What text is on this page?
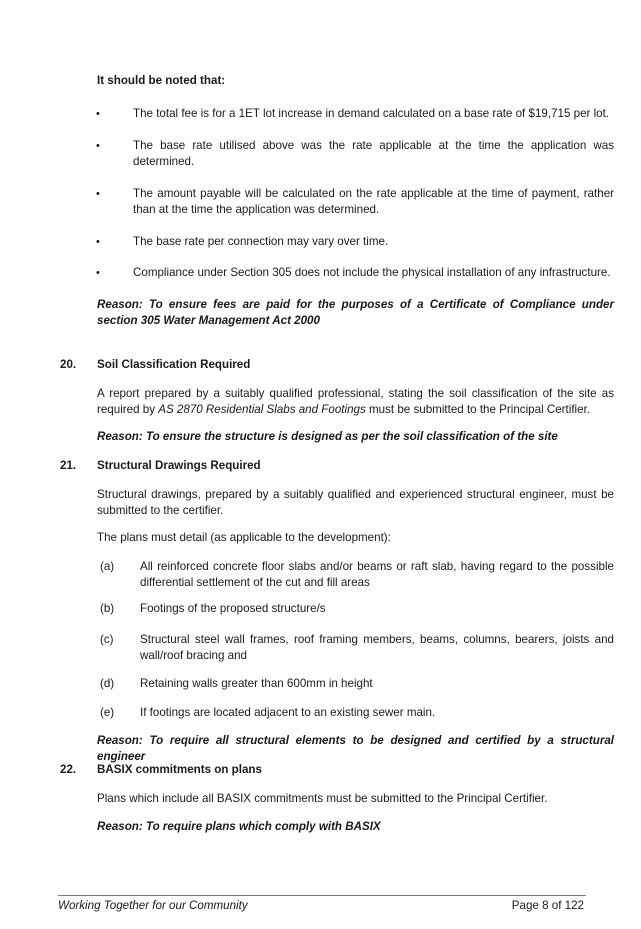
It should be noted that:
•	The total fee is for a 1ET lot increase in demand calculated on a base rate of $19,715 per lot.
•	The base rate utilised above was the rate applicable at the time the application was determined.
•	The amount payable will be calculated on the rate applicable at the time of payment, rather than at the time the application was determined.
•	The base rate per connection may vary over time.
•	Compliance under Section 305 does not include the physical installation of any infrastructure.
Reason: To ensure fees are paid for the purposes of a Certificate of Compliance under section 305 Water Management Act 2000
20. Soil Classification Required
A report prepared by a suitably qualified professional, stating the soil classification of the site as required by AS 2870 Residential Slabs and Footings must be submitted to the Principal Certifier.
Reason: To ensure the structure is designed as per the soil classification of the site
21. Structural Drawings Required
Structural drawings, prepared by a suitably qualified and experienced structural engineer, must be submitted to the certifier.
The plans must detail (as applicable to the development):
(a) All reinforced concrete floor slabs and/or beams or raft slab, having regard to the possible differential settlement of the cut and fill areas
(b) Footings of the proposed structure/s
(c) Structural steel wall frames, roof framing members, beams, columns, bearers, joists and wall/roof bracing and
(d) Retaining walls greater than 600mm in height
(e) If footings are located adjacent to an existing sewer main.
Reason: To require all structural elements to be designed and certified by a structural engineer
22. BASIX commitments on plans
Plans which include all BASIX commitments must be submitted to the Principal Certifier.
Reason: To require plans which comply with BASIX
Working Together for our Community	Page 8 of 122
